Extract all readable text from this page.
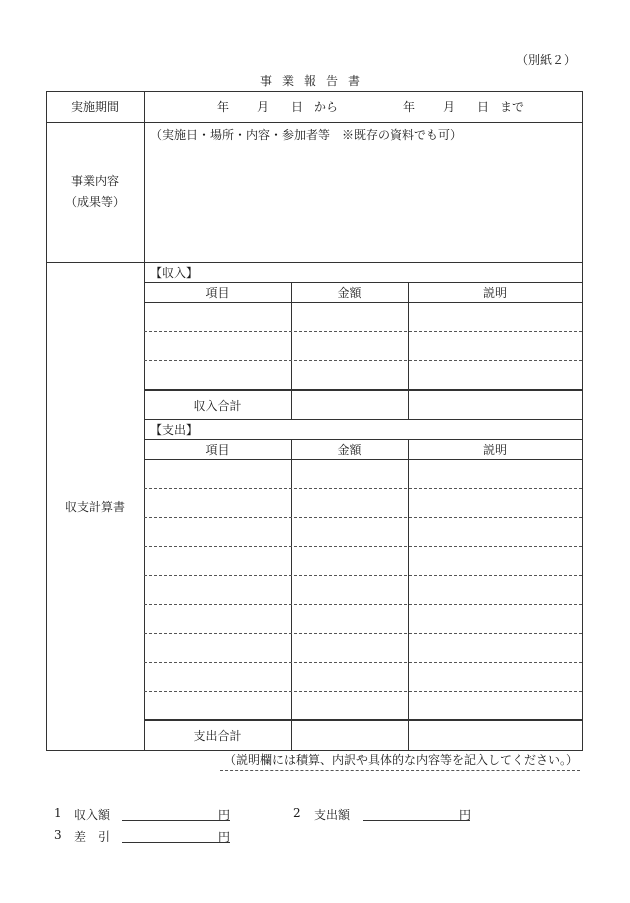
（別紙２）
事業報告書
実施期間	年	月	日 から	年	月	日 まで
事業内容
（成果等）
（実施日・場所・内容・参加者等　※既存の資料でも可）
収支計算書
【収入】
項目	金額	説明
収入合計
【支出】
項目	金額	説明
支出合計
（説明欄には積算、内訳や具体的な内容等を記入してください。）
1 収入額	円	2 支出額	円
3 差　引	円
